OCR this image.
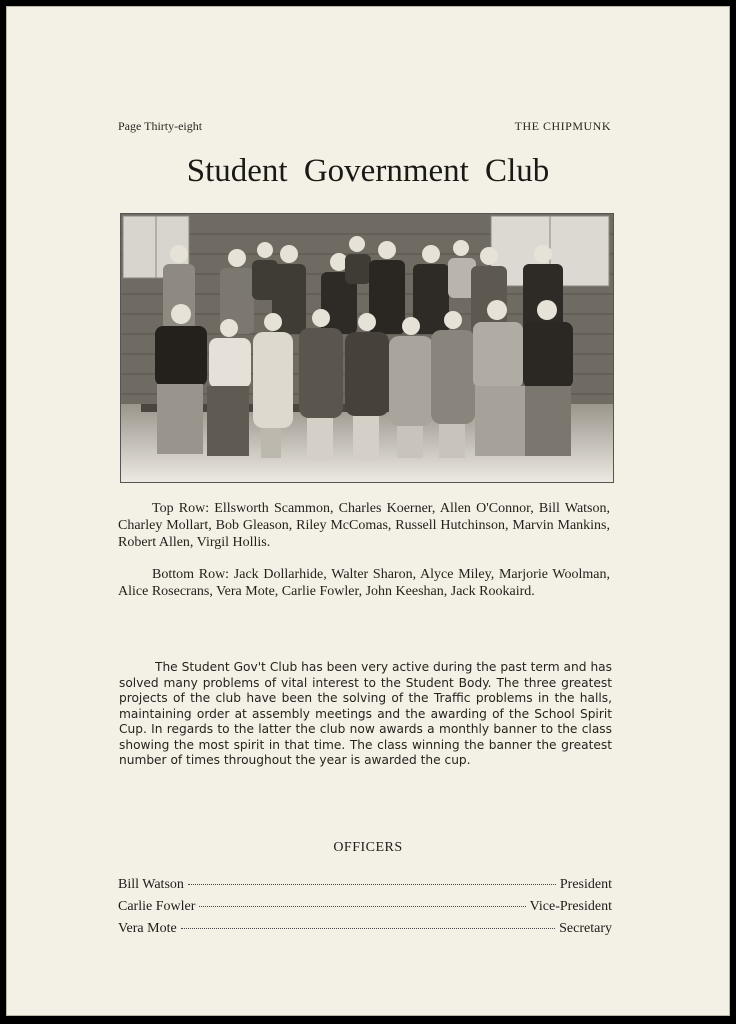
Page Thirty-eight	THE CHIPMUNK
Student Government Club

Top Row: Ellsworth Scammon, Charles Koerner, Allen O'Connor, Bill Watson, Charley Mollart, Bob Gleason, Riley McComas, Russell Hutchinson, Marvin Mankins, Robert Allen, Virgil Hollis.

Bottom Row: Jack Dollarhide, Walter Sharon, Alyce Miley, Marjorie Woolman, Alice Rosecrans, Vera Mote, Carlie Fowler, John Keeshan, Jack Rookaird.

The Student Gov't Club has been very active during the past term and has solved many problems of vital interest to the Student Body. The three greatest projects of the club have been the solving of the Traffic problems in the halls, maintaining order at assembly meetings and the awarding of the School Spirit Cup. In regards to the latter the club now awards a monthly banner to the class showing the most spirit in that time. The class winning the banner the greatest number of times throughout the year is awarded the cup.

OFFICERS
Bill Watson	President
Carlie Fowler	Vice-President
Vera Mote	Secretary
